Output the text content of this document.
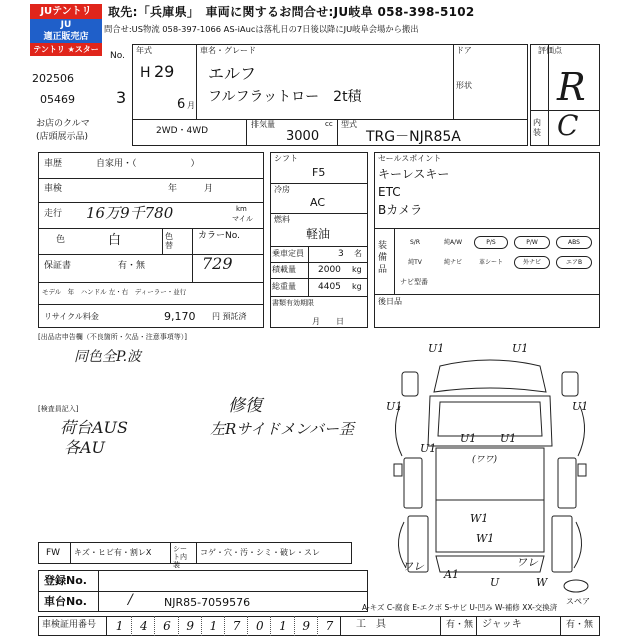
JUテントリ
JU
適正販売店
テントリ ★スター
取先:「兵庫県」　車両に関するお問合せ:JU岐阜 058-398-5102
問合せ:US物流 058-397-1066 AS-iAucは落札日の7日後以降にJU岐阜会場から搬出
202506
05469
No.
3
お店のクルマ
(店頭展示品)
年式
H 29
6 月
車名・グレード
エルフ
フルフラットロー　2t積
ドア
形状
2WD・4WD
排気量	cc
3000
型式
TRG－NJR85A
評価点
R
内装 C
車歴	自家用・（　　　　　　）
車検	年　　　月
走行 16万9千780	km
マイル
色	白	色替
カラーNo.
保証書	有・無	729
モデル　年　ハンドル 左・右　ディーラー・並行
リサイクル料金	9,170 円 預託済
シフト
F5
冷房
AC
燃料
軽油
乗車定員	3 名
積載量 2000 kg
総重量 4405 kg
書類有効期限
月　　日
セールスポイント
キーレスキー
ETC
Bカメラ
装備品
S/R	純A/W	P/S	P/W	ABS
純TV	純ナビ	革シート	外ナビ	エアB
ナビ型番
後日品
[出品店申告欄（不良箇所・欠品・注意事項等）]
同色全P.波
[検査員記入]
荷台AUS
各AU
修復
左Rサイドメンバー歪
U1	U1
U1	U1
U1
U1 U1
(ワワ)
W1
W1
ワレ	ワレ
W
A1
U
スペア
FW キズ・ヒビ有・割レX	シート内装
コゲ・穴・汚・シミ・破レ・スレ
登録No.
車台No.	/	NJR85-7059576	A-キズ C-腐食 E-エクボ S-サビ U-凹み W-補修 XX-交換済
車検証用番号	1	4	6	9	1	7	0	1	9	7	工　具	有・無 ジャッキ	有・無
